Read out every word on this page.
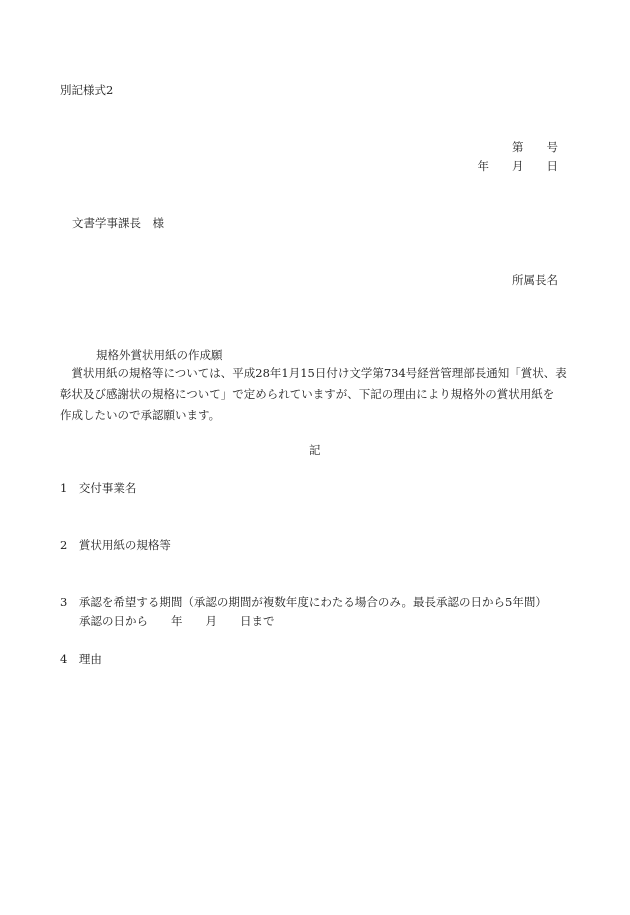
別記様式2
第　　号
年　　月　　日
文書学事課長　様
所属長名
規格外賞状用紙の作成願
　賞状用紙の規格等については、平成28年1月15日付け文学第734号経営管理部長通知「賞状、表
彰状及び感謝状の規格について」で定められていますが、下記の理由により規格外の賞状用紙を
作成したいので承認願います。
記
1　交付事業名
2　賞状用紙の規格等
3　承認を希望する期間（承認の期間が複数年度にわたる場合のみ。最長承認の日から5年間）
承認の日から　　年　　月　　日まで
4　理由
